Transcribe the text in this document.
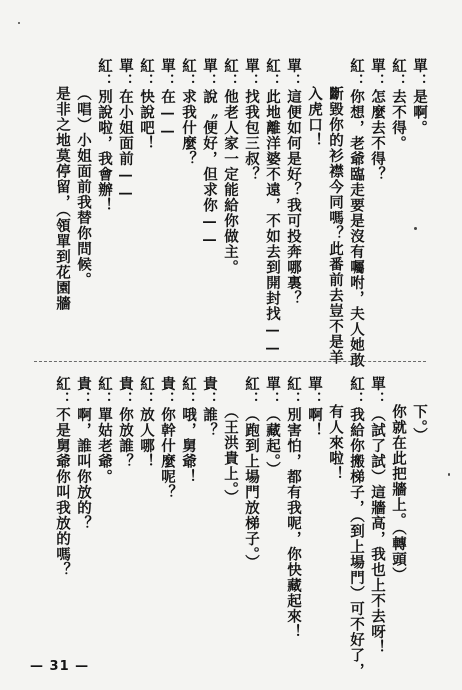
單：是啊。
紅：去不得。
單：怎麼去不得？
紅：你想，老爺臨走要是沒有囑咐，夫人她敢
斷毀你的衫襟今同嗎？此番前去豈不是羊
入虎口！
單：這便如何是好？我可投奔哪裏？
紅：此地離洋婆不遠，不如去到開封找——
單：找我包三叔？
紅：他老人家一定能給你做主。
單：說〝便好，但求你——
紅：求我什麼？
單：在——
紅：快說吧！
單：在小姐面前——
紅：別說啦，我會辦！
（唱）小姐面前我替你問候。
是非之地莫停留，（領單到花園牆
下。）
你就在此把牆上。（轉頭）
單：（試了試）這牆高，我也上不去呀！
紅：我給你搬梯子，（到上場門）可不好了，
有人來啦！
單：啊！
紅：別害怕，都有我呢，你快藏起來！
單：（藏起。）
紅：（跑到上場門放梯子。）
（王洪貴上。）
貴：誰？
紅：哦，舅爺！
貴：你幹什麼呢？
紅：放人哪！
貴：你放誰？
紅：單姑老爺。
貴：啊，誰叫你放的？
紅：不是舅爺你叫我放的嗎？
— 31 —
